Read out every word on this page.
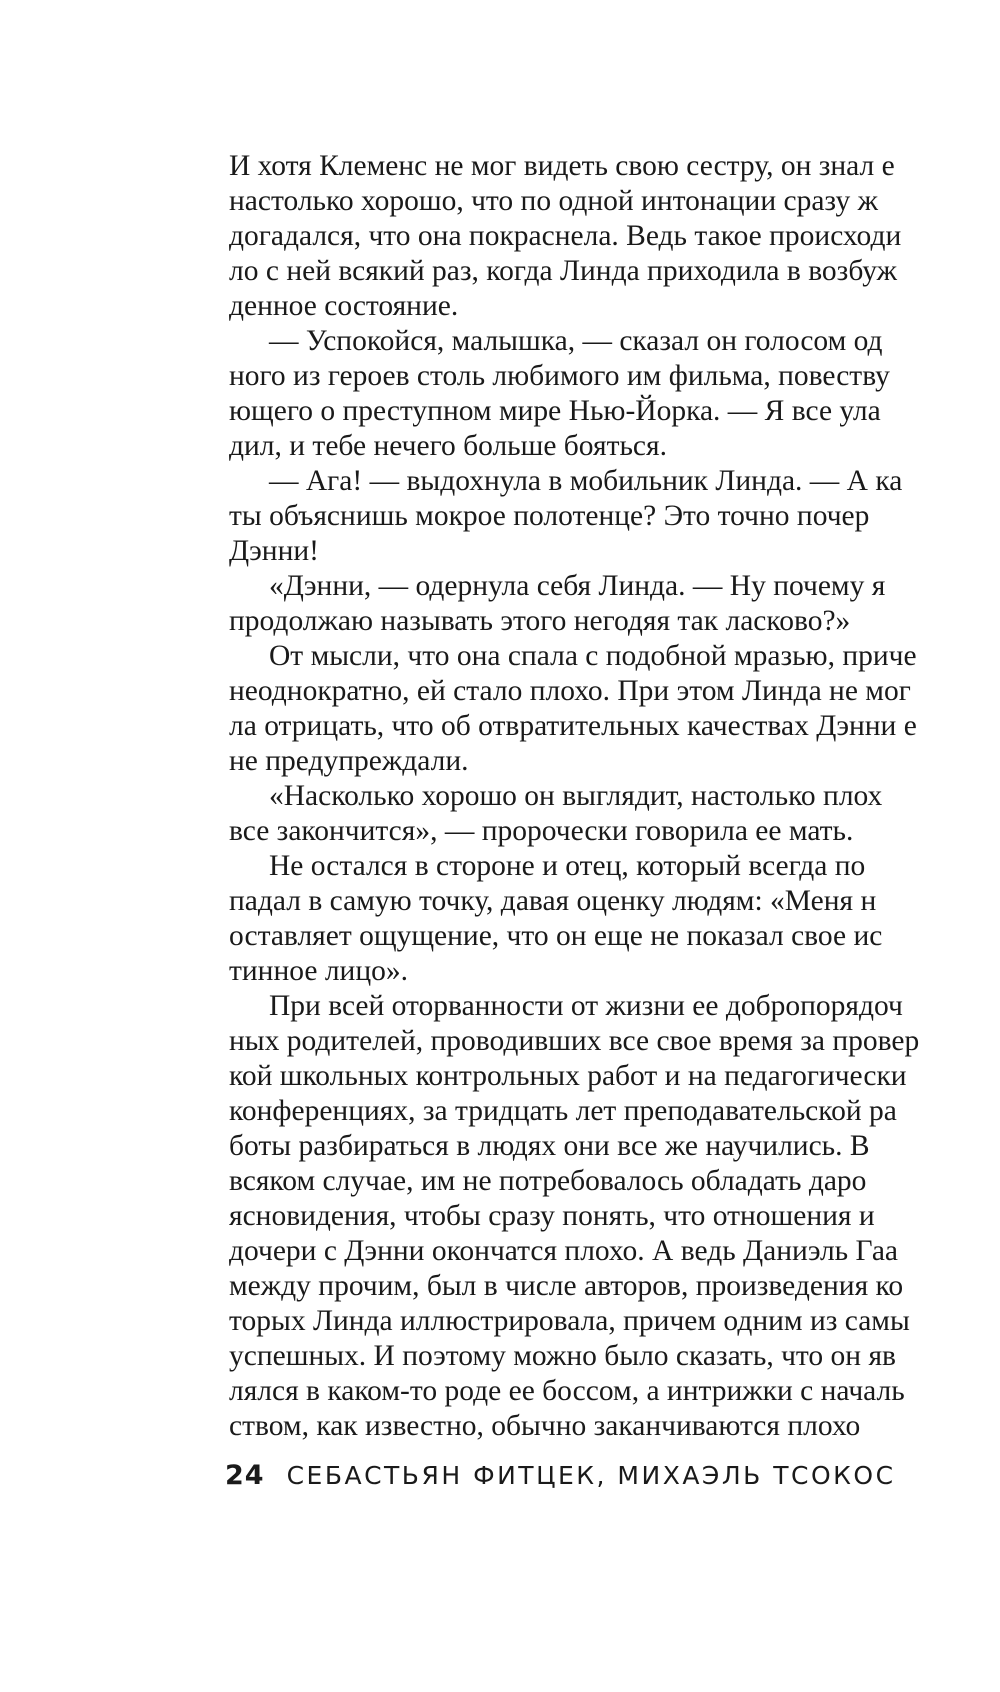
И хотя Клеменс не мог видеть свою сестру, он знал е
настолько хорошо, что по одной интонации сразу ж
догадался, что она покраснела. Ведь такое происходи
ло с ней всякий раз, когда Линда приходила в возбуж
денное состояние.
— Успокойся, малышка, — сказал он голосом од
ного из героев столь любимого им фильма, повеству
ющего о преступном мире Нью-Йорка. — Я все ула
дил, и тебе нечего больше бояться.
— Ага! — выдохнула в мобильник Линда. — А ка
ты объяснишь мокрое полотенце? Это точно почер
Дэнни!
«Дэнни, — одернула себя Линда. — Ну почему я
продолжаю называть этого негодяя так ласково?»
От мысли, что она спала с подобной мразью, приче
неоднократно, ей стало плохо. При этом Линда не мог
ла отрицать, что об отвратительных качествах Дэнни е
не предупреждали.
«Насколько хорошо он выглядит, настолько плох
все закончится», — пророчески говорила ее мать.
Не остался в стороне и отец, который всегда по
падал в самую точку, давая оценку людям: «Меня н
оставляет ощущение, что он еще не показал свое ис
тинное лицо».
При всей оторванности от жизни ее добропорядоч
ных родителей, проводивших все свое время за провер
кой школьных контрольных работ и на педагогически
конференциях, за тридцать лет преподавательской ра
боты разбираться в людях они все же научились. В
всяком случае, им не потребовалось обладать даро
ясновидения, чтобы сразу понять, что отношения и
дочери с Дэнни окончатся плохо. А ведь Даниэль Гаа
между прочим, был в числе авторов, произведения ко
торых Линда иллюстрировала, причем одним из самы
успешных. И поэтому можно было сказать, что он яв
лялся в каком-то роде ее боссом, а интрижки с началь
ством, как известно, обычно заканчиваются плохо
24 СЕБАСТЬЯН ФИТЦЕК, МИХАЭЛЬ ТСОКОС
